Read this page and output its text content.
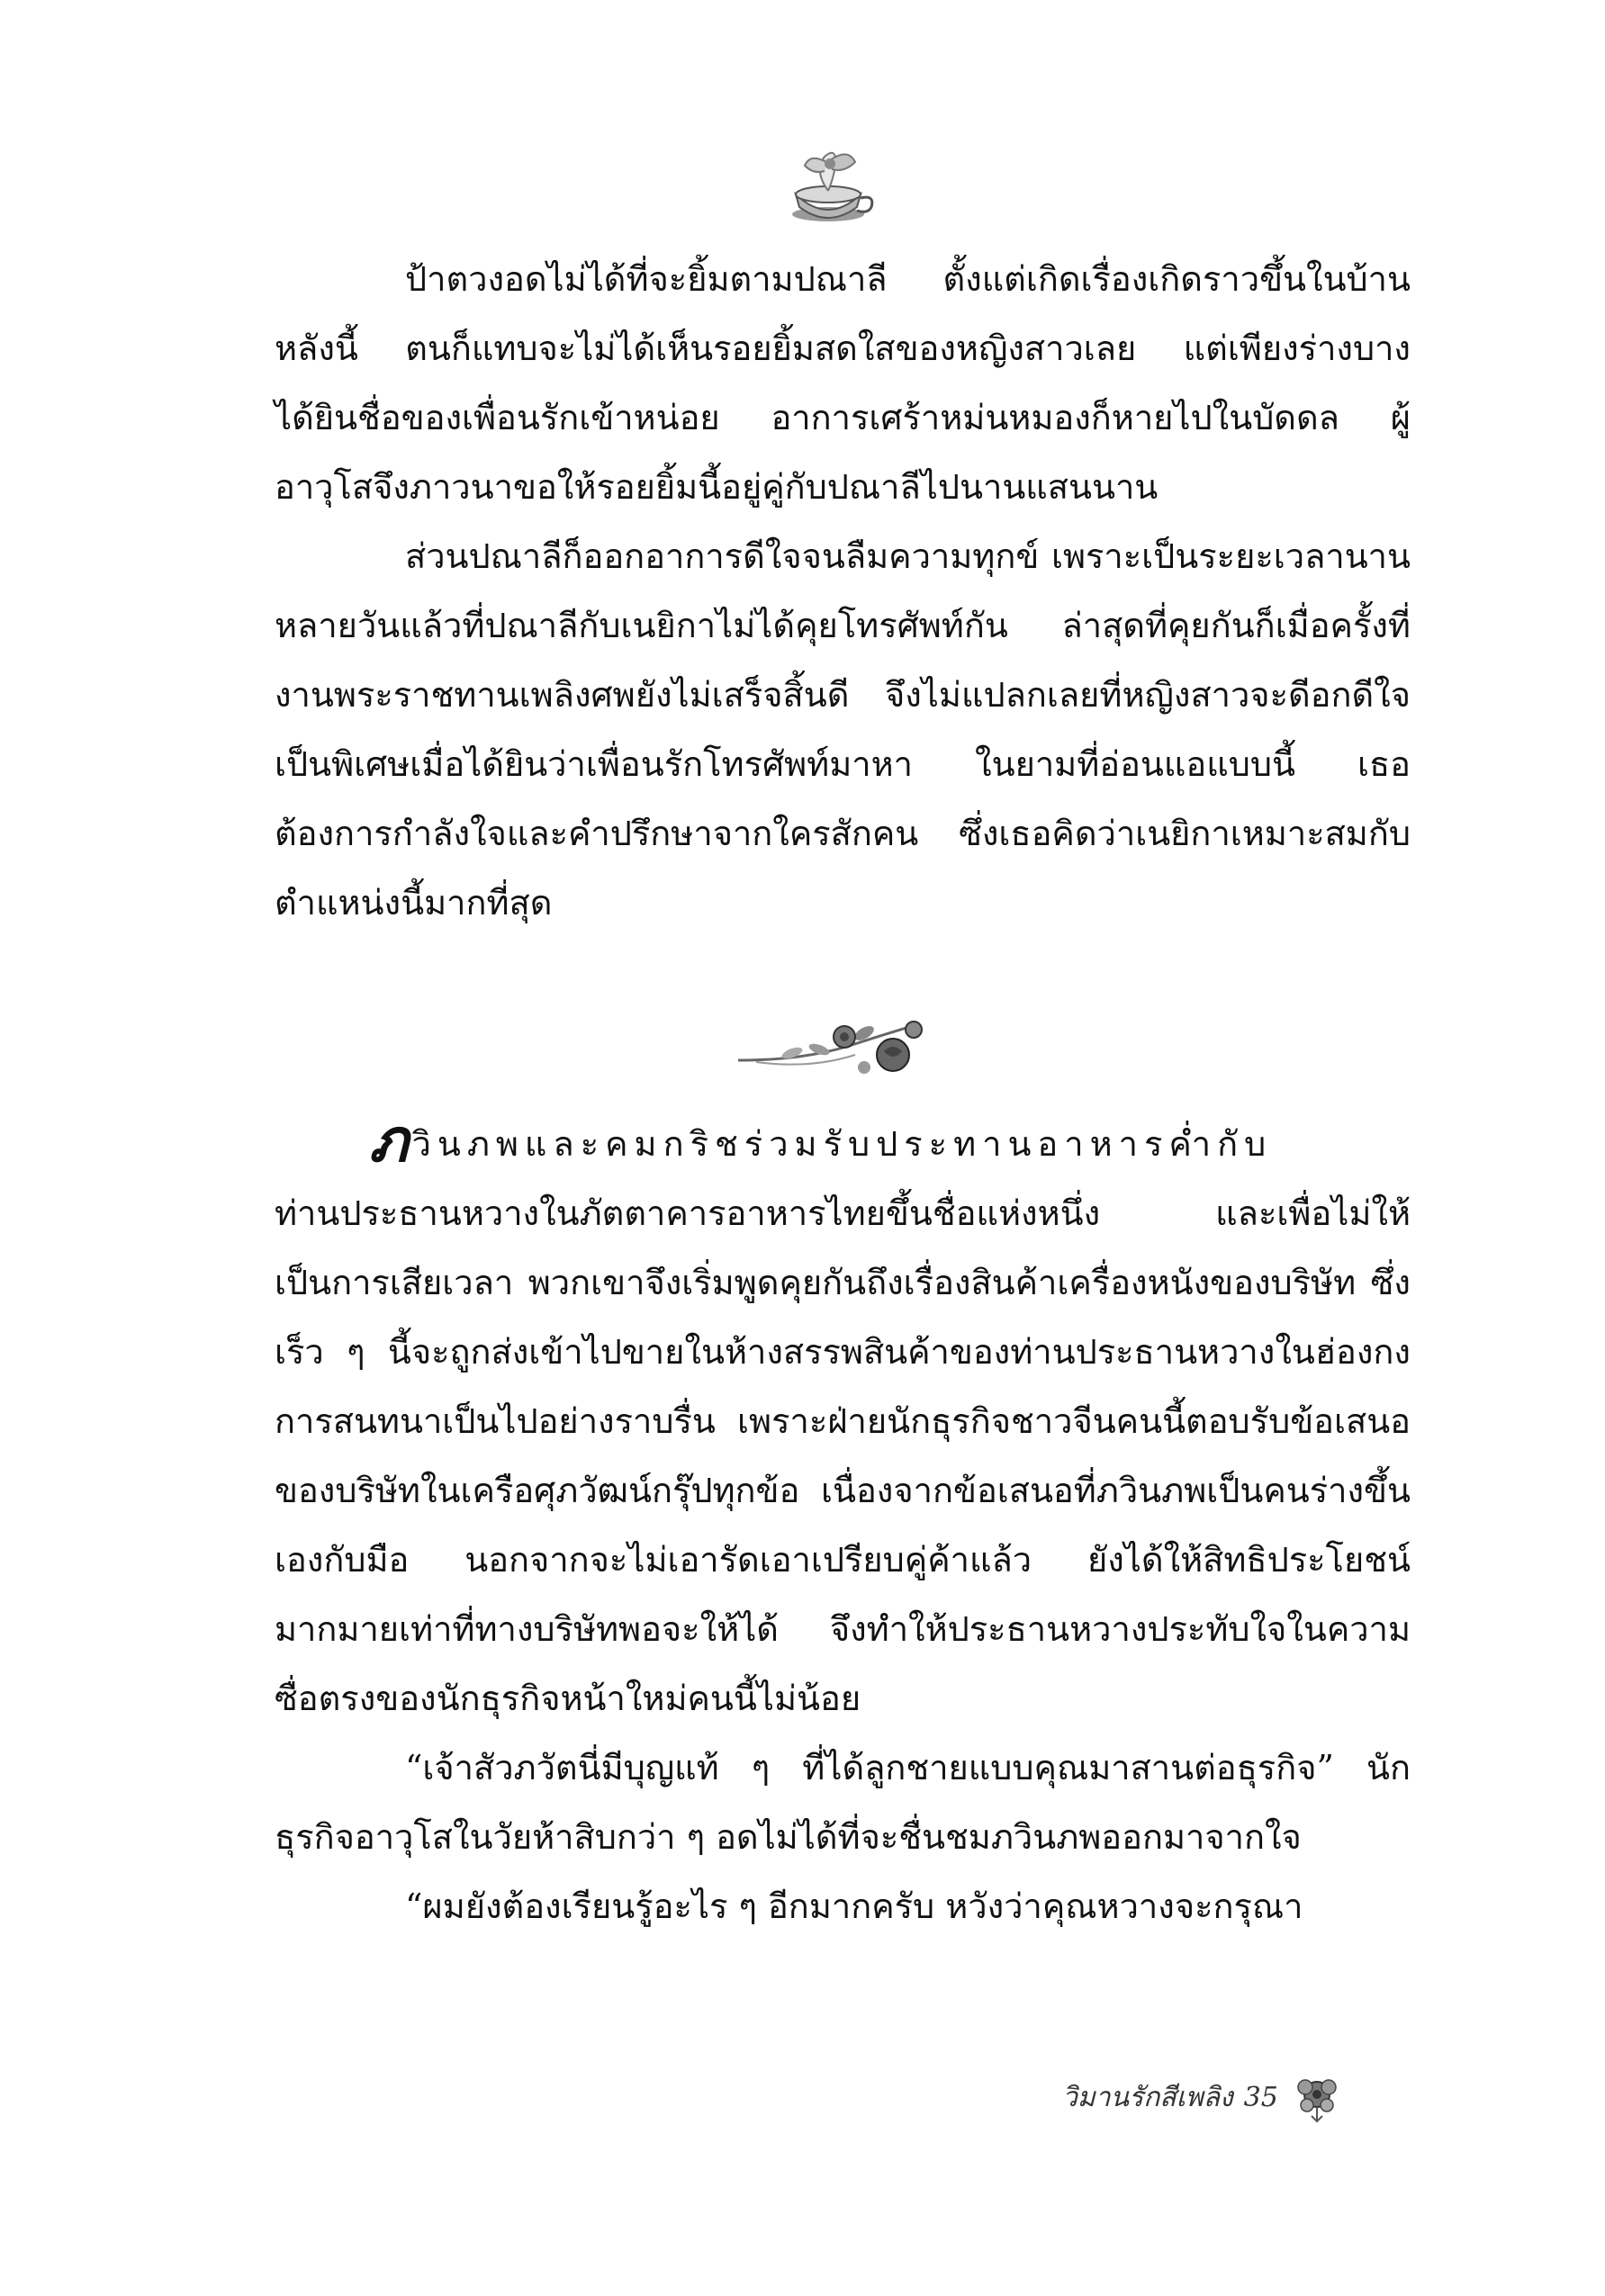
ป้าตวงอดไม่ได้ที่จะยิ้มตามปณาลี ตั้งแต่เกิดเรื่องเกิดราวขึ้นในบ้านหลังนี้ ตนก็แทบจะไม่ได้เห็นรอยยิ้มสดใสของหญิงสาวเลย แต่เพียงร่างบางได้ยินชื่อของเพื่อนรักเข้าหน่อย อาการเศร้าหม่นหมองก็หายไปในบัดดล ผู้อาวุโสจึงภาวนาขอให้รอยยิ้มนี้อยู่คู่กับปณาลีไปนานแสนนาน

ส่วนปณาลีก็ออกอาการดีใจจนลืมความทุกข์ เพราะเป็นระยะเวลานานหลายวันแล้วที่ปณาลีกับเนยิกาไม่ได้คุยโทรศัพท์กัน ล่าสุดที่คุยกันก็เมื่อครั้งที่งานพระราชทานเพลิงศพยังไม่เสร็จสิ้นดี จึงไม่แปลกเลยที่หญิงสาวจะดีอกดีใจเป็นพิเศษเมื่อได้ยินว่าเพื่อนรักโทรศัพท์มาหา ในยามที่อ่อนแอแบบนี้ เธอต้องการกำลังใจและคำปรึกษาจากใครสักคน ซึ่งเธอคิดว่าเนยิกาเหมาะสมกับตำแหน่งนี้มากที่สุด

ภวินภพและคมกริชร่วมรับประทานอาหารค่ำกับ

ท่านประธานหวางในภัตตาคารอาหารไทยขึ้นชื่อแห่งหนึ่ง และเพื่อไม่ให้เป็นการเสียเวลา พวกเขาจึงเริ่มพูดคุยกันถึงเรื่องสินค้าเครื่องหนังของบริษัท ซึ่งเร็ว ๆ นี้จะถูกส่งเข้าไปขายในห้างสรรพสินค้าของท่านประธานหวางในฮ่องกง การสนทนาเป็นไปอย่างราบรื่น เพราะฝ่ายนักธุรกิจชาวจีนคนนี้ตอบรับข้อเสนอของบริษัทในเครือศุภวัฒน์กรุ๊ปทุกข้อ เนื่องจากข้อเสนอที่ภวินภพเป็นคนร่างขึ้นเองกับมือ นอกจากจะไม่เอารัดเอาเปรียบคู่ค้าแล้ว ยังได้ให้สิทธิประโยชน์มากมายเท่าที่ทางบริษัทพอจะให้ได้ จึงทำให้ประธานหวางประทับใจในความซื่อตรงของนักธุรกิจหน้าใหม่คนนี้ไม่น้อย

“เจ้าสัวภวัตนี่มีบุญแท้ ๆ ที่ได้ลูกชายแบบคุณมาสานต่อธุรกิจ” นักธุรกิจอาวุโสในวัยห้าสิบกว่า ๆ อดไม่ได้ที่จะชื่นชมภวินภพออกมาจากใจ

“ผมยังต้องเรียนรู้อะไร ๆ อีกมากครับ หวังว่าคุณหวางจะกรุณา

วิมานรักสีเพลิง 35
